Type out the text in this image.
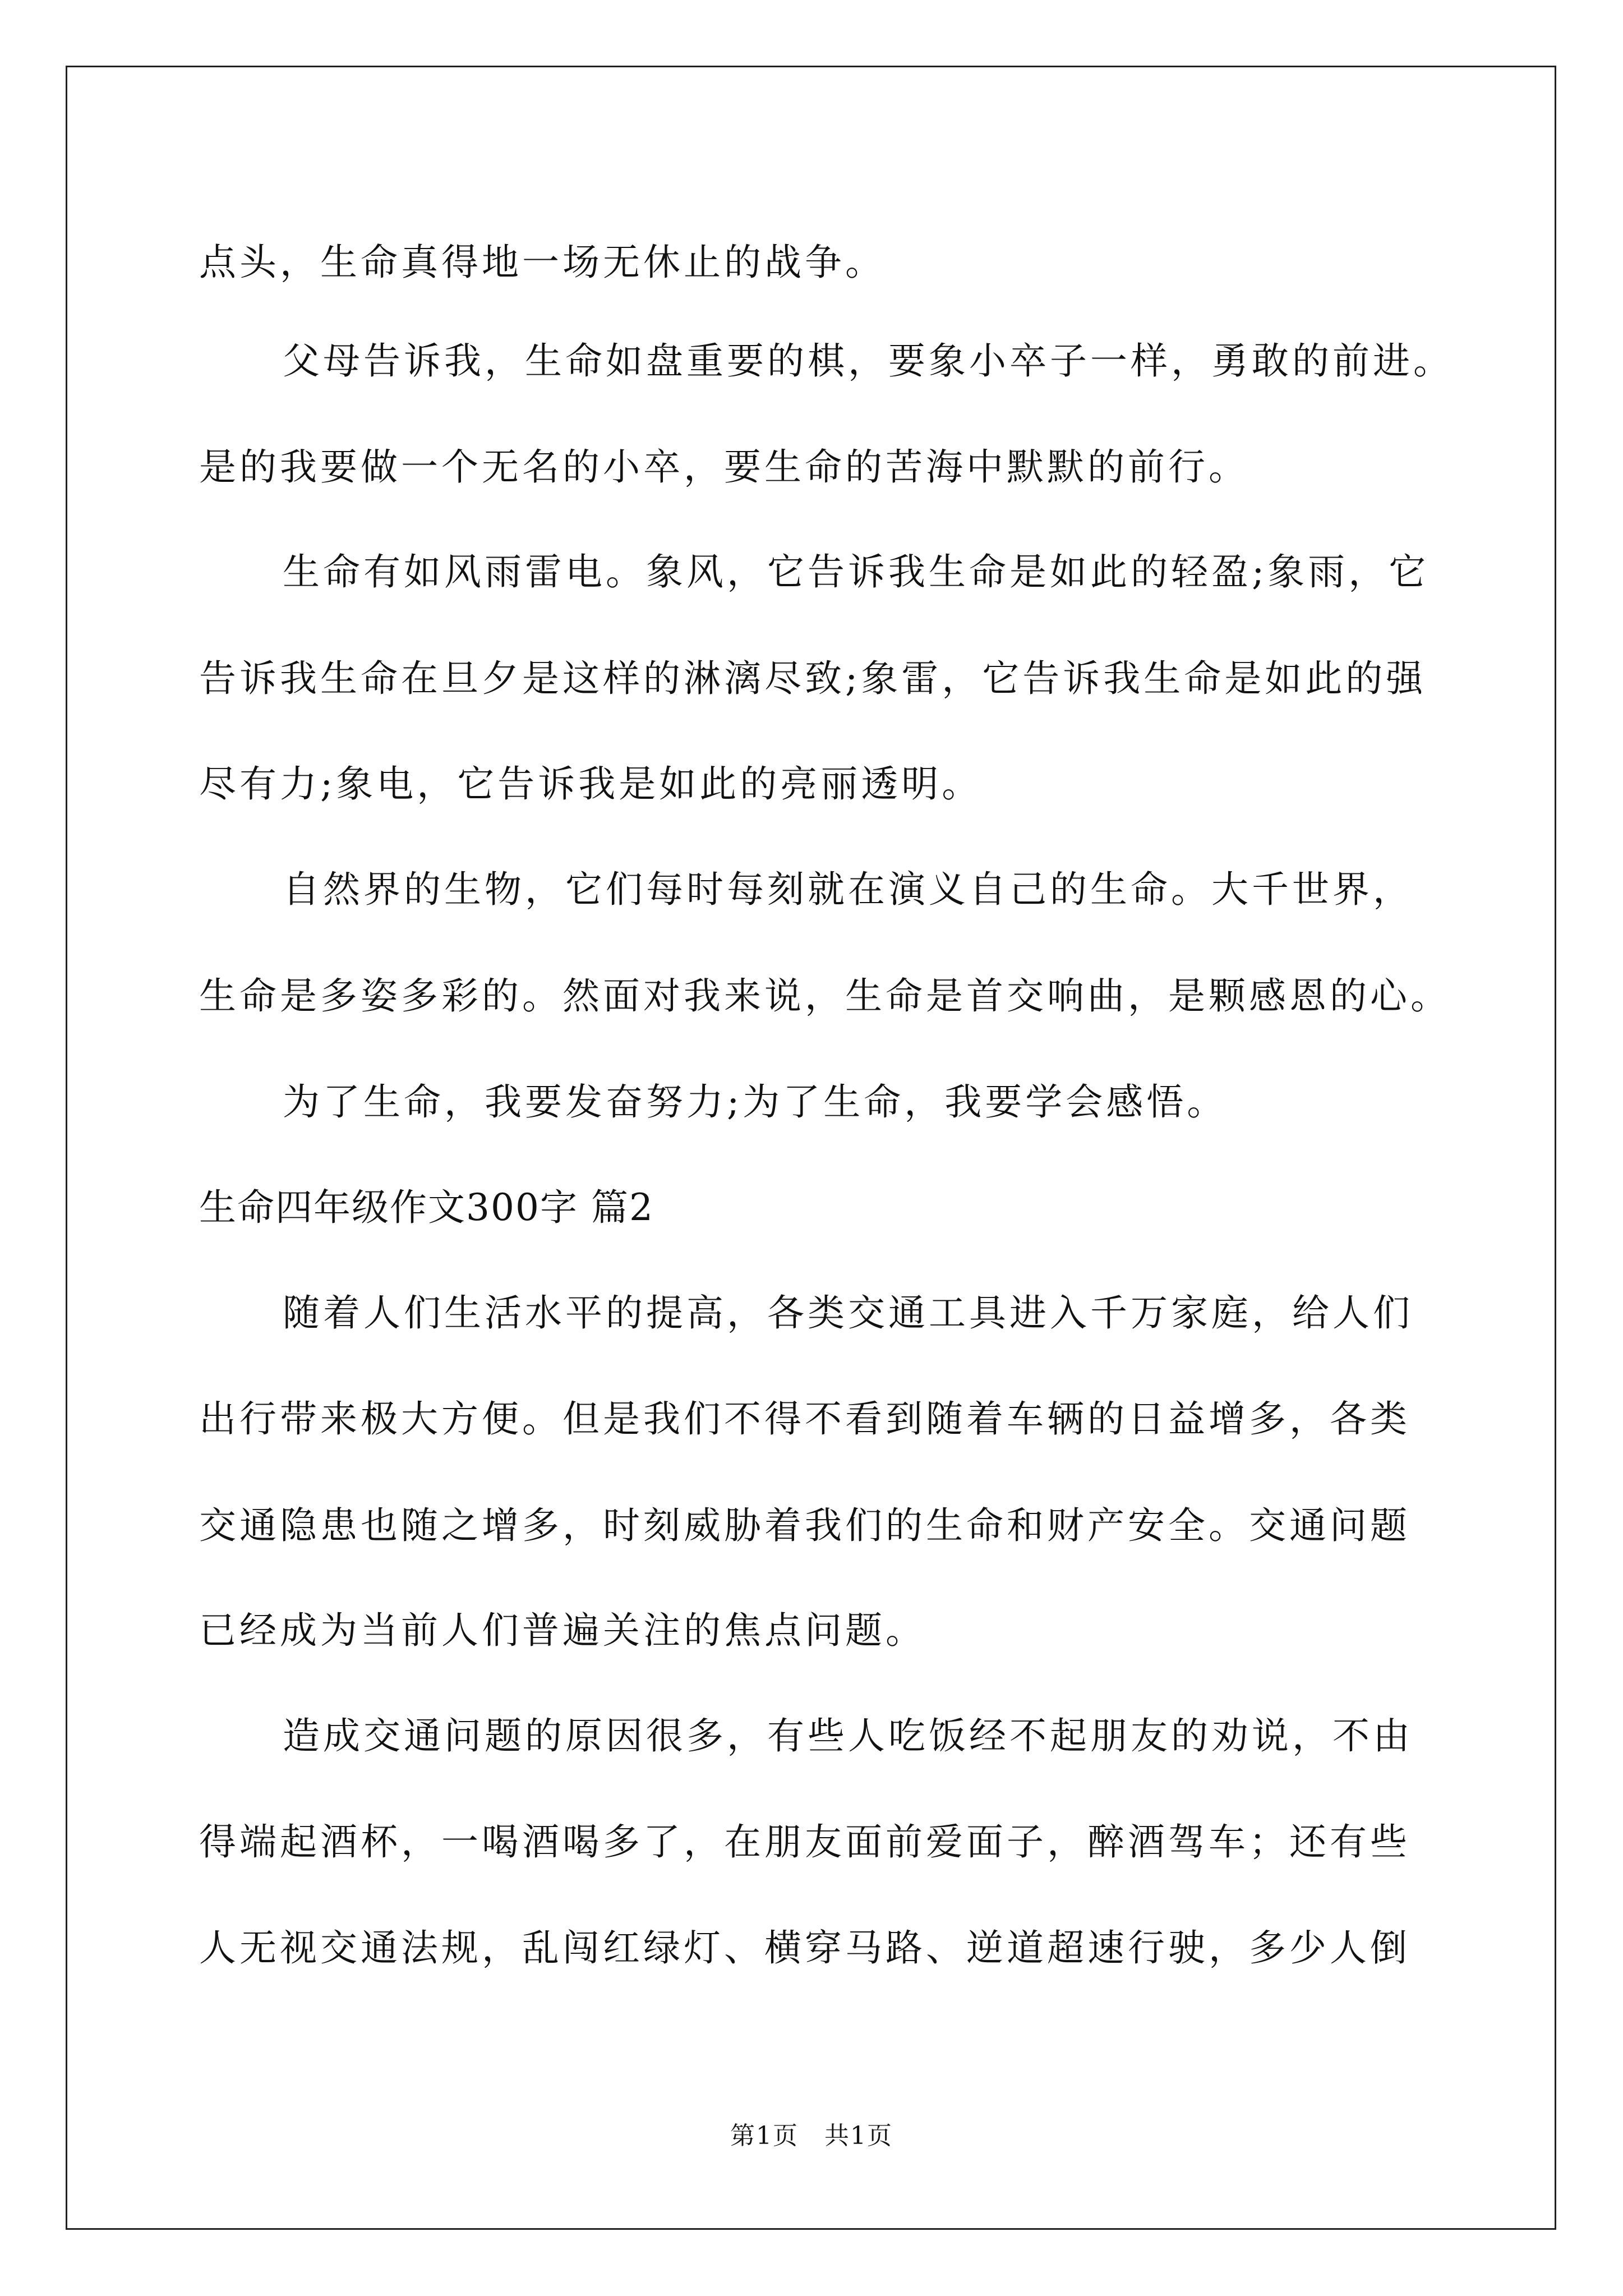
点头，生命真得地一场无休止的战争。
父母告诉我，生命如盘重要的棋，要象小卒子一样，勇敢的前进。
是的我要做一个无名的小卒，要生命的苦海中默默的前行。
生命有如风雨雷电。象风，它告诉我生命是如此的轻盈;象雨，它
告诉我生命在旦夕是这样的淋漓尽致;象雷，它告诉我生命是如此的强
尽有力;象电，它告诉我是如此的亮丽透明。
自然界的生物，它们每时每刻就在演义自己的生命。大千世界，
生命是多姿多彩的。然面对我来说，生命是首交响曲，是颗感恩的心。
为了生命，我要发奋努力;为了生命，我要学会感悟。
生命四年级作文300字 篇2
随着人们生活水平的提高，各类交通工具进入千万家庭，给人们
出行带来极大方便。但是我们不得不看到随着车辆的日益增多，各类
交通隐患也随之增多，时刻威胁着我们的生命和财产安全。交通问题
已经成为当前人们普遍关注的焦点问题。
造成交通问题的原因很多，有些人吃饭经不起朋友的劝说，不由
得端起酒杯，一喝酒喝多了，在朋友面前爱面子，醉酒驾车；还有些
人无视交通法规，乱闯红绿灯、横穿马路、逆道超速行驶，多少人倒
第1页　共1页
